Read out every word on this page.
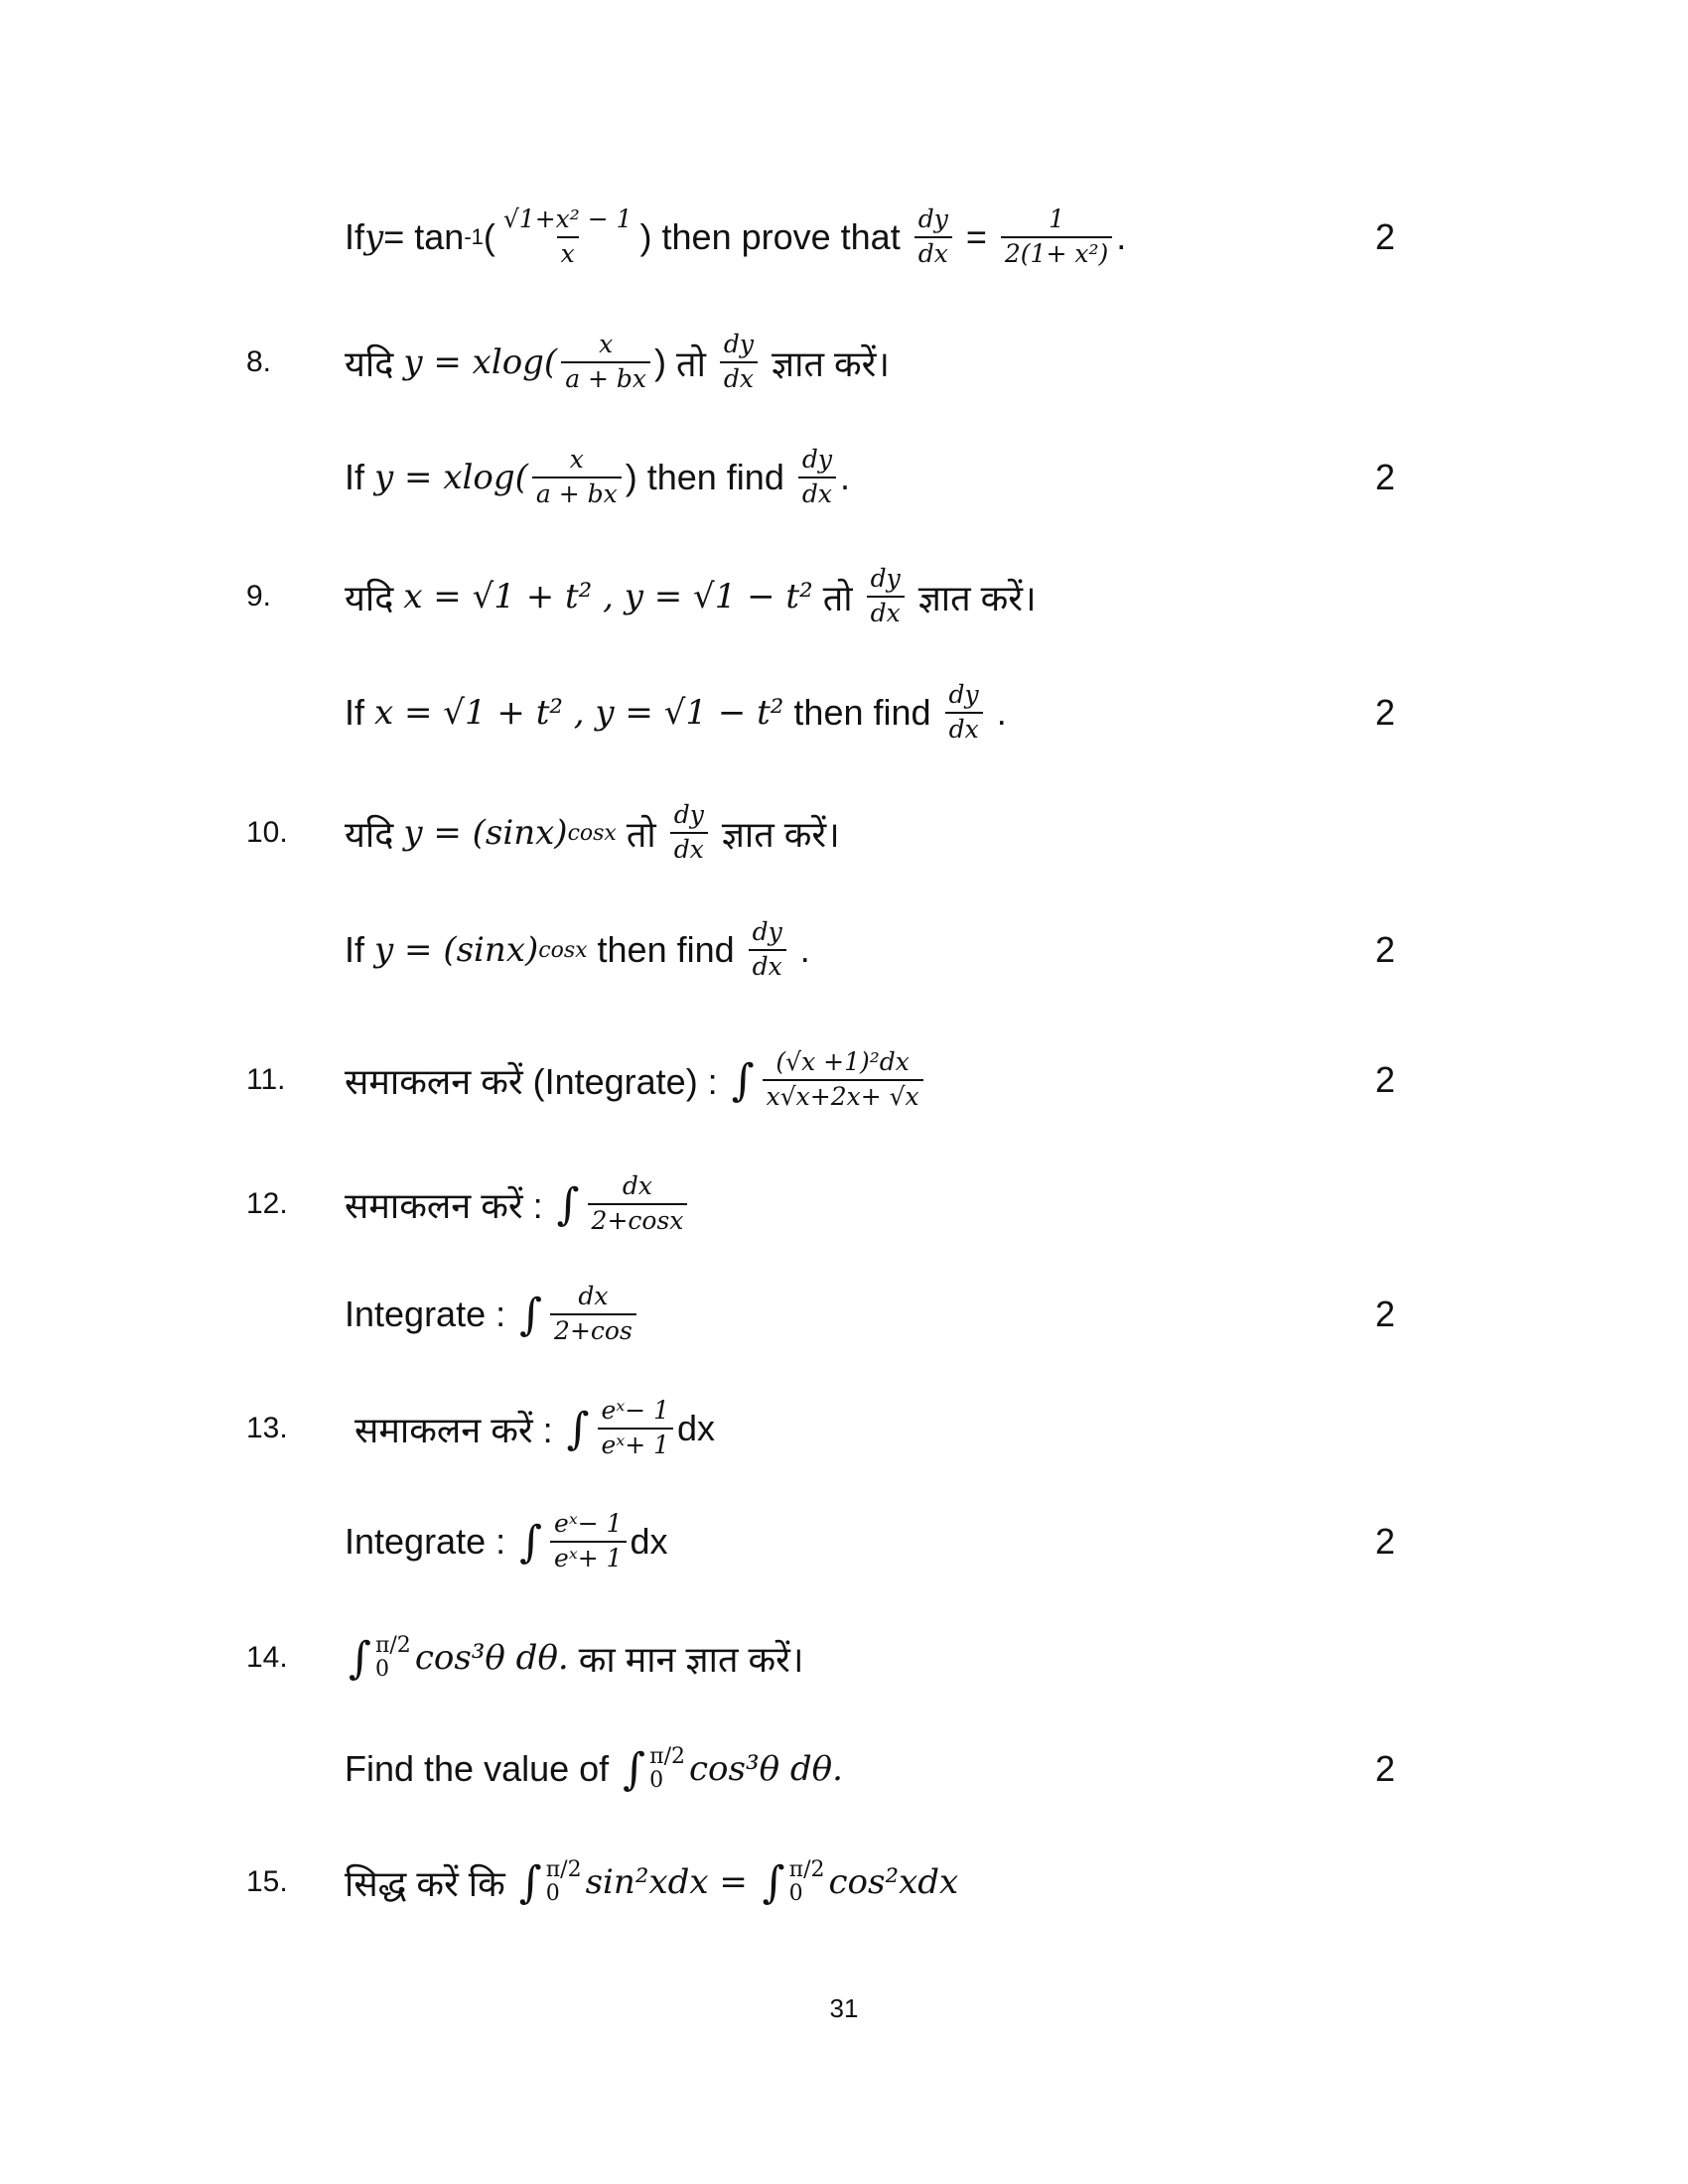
If y = tan -1 ( $\frac{\text{√1+x² − 1}}{x}$ ) then prove that $\frac{dy}{dx} = \frac{1}{\text{2(1+ x²)}}$ .	2
8. यदि $y = xlog( \frac{x}{a + bx}$ ) तो $\frac{dy}{dx}$ ज्ञात करें।
If $y = xlog( \frac{x}{a + bx}$ ) then find $\frac{dy}{dx}$ .	2
9. यदि x = √1 + t² , y = √1 − t² तो $\frac{dy}{dx}$ ज्ञात करें।
If x = √1 + t² , y = √1 − t² then find $\frac{dy}{dx}$ .	2
10. यदि y = (sinx) cosx तो $\frac{dy}{dx}$ ज्ञात करें।
If y = (sinx) cosx then find $\frac{dy}{dx}$ .	2
11. समाकलन करें (Integrate) : ∫ $\frac{\text{(√x +1)²dx}}{x√x+2x+ √x}$	2
12. समाकलन करें : ∫ $\frac{dx}{2+\cos x}$
Integrate : ∫ $\frac{dx}{2+\cos}$	2
13. समाकलन करें : ∫ $\frac{\text{eˣ− 1}}{\text{eˣ+ 1}}$ dx
Integrate : ∫ $\frac{\text{eˣ− 1}}{\text{eˣ+ 1}}$ dx	2
14. ∫ π/2
0 cos³θ dθ. का मान ज्ञात करें।
Find the value of ∫ π/2
0 cos³θ dθ.	2
15. सिद्ध करें कि ∫ π/2
0 sin²xdx = ∫ π/2
0 cos²xdx
31
